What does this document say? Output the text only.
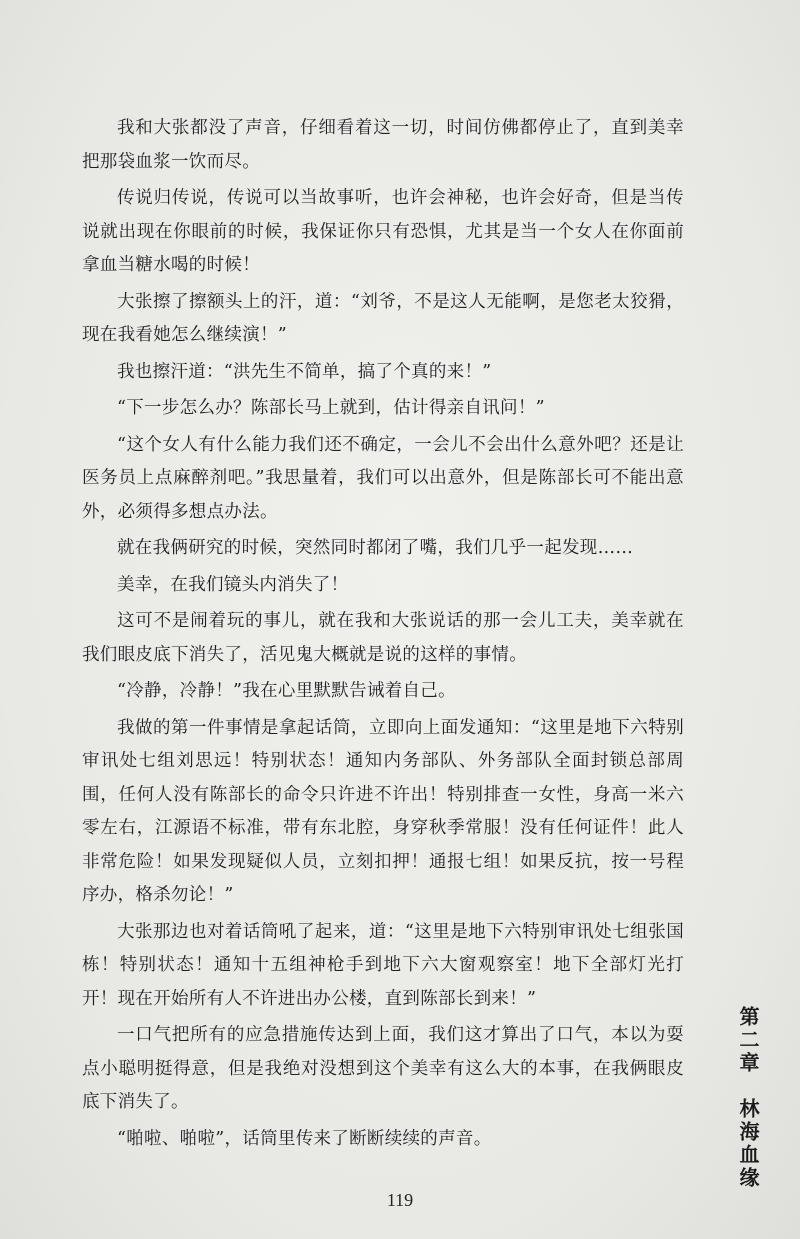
我和大张都没了声音，仔细看着这一切，时间仿佛都停止了，直到美幸把那袋血浆一饮而尽。

传说归传说，传说可以当故事听，也许会神秘，也许会好奇，但是当传说就出现在你眼前的时候，我保证你只有恐惧，尤其是当一个女人在你面前拿血当糖水喝的时候！

大张擦了擦额头上的汗，道：“刘爷，不是这人无能啊，是您老太狡猾，现在我看她怎么继续演！”

我也擦汗道：“洪先生不简单，搞了个真的来！”

“下一步怎么办？陈部长马上就到，估计得亲自讯问！”

“这个女人有什么能力我们还不确定，一会儿不会出什么意外吧？还是让医务员上点麻醉剂吧。”我思量着，我们可以出意外，但是陈部长可不能出意外，必须得多想点办法。

就在我俩研究的时候，突然同时都闭了嘴，我们几乎一起发现……

美幸，在我们镜头内消失了！

这可不是闹着玩的事儿，就在我和大张说话的那一会儿工夫，美幸就在我们眼皮底下消失了，活见鬼大概就是说的这样的事情。

“冷静，冷静！”我在心里默默告诫着自己。

我做的第一件事情是拿起话筒，立即向上面发通知：“这里是地下六特别审讯处七组刘思远！特别状态！通知内务部队、外务部队全面封锁总部周围，任何人没有陈部长的命令只许进不许出！特别排查一女性，身高一米六零左右，江源语不标准，带有东北腔，身穿秋季常服！没有任何证件！此人非常危险！如果发现疑似人员，立刻扣押！通报七组！如果反抗，按一号程序办，格杀勿论！”

大张那边也对着话筒吼了起来，道：“这里是地下六特别审讯处七组张国栋！特别状态！通知十五组神枪手到地下六大窗观察室！地下全部灯光打开！现在开始所有人不许进出办公楼，直到陈部长到来！”

一口气把所有的应急措施传达到上面，我们这才算出了口气，本以为耍点小聪明挺得意，但是我绝对没想到这个美幸有这么大的本事，在我俩眼皮底下消失了。

“啪啦、啪啦”，话筒里传来了断断续续的声音。	第二章　林海血缘
119
